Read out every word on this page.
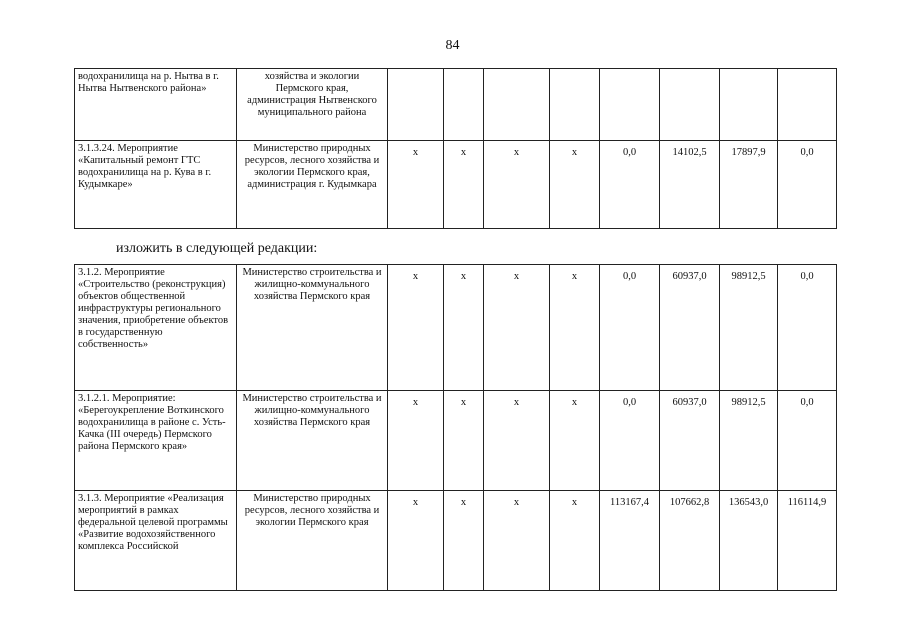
84
водохранилища на р. Нытва в г. Нытва Нытвенского района»	хозяйства и экологии Пермского края, администрация Нытвенского муниципального района								
3.1.3.24. Мероприятие «Капитальный ремонт ГТС водохранилища на р. Кува в г. Кудымкаре»	Министерство природных ресурсов, лесного хозяйства и экологии Пермского края, администрация г. Кудымкара	х	х	х	х	0,0	14102,5	17897,9	0,0
изложить в следующей редакции:
3.1.2. Мероприятие «Строительство (реконструкция) объектов общественной инфраструктуры регионального значения, приобретение объектов в государственную собственность»	Министерство строительства и жилищно-коммунального хозяйства Пермского края	х	х	х	х	0,0	60937,0	98912,5	0,0
3.1.2.1. Мероприятие: «Берегоукрепление Воткинского водохранилища в районе с. Усть-Качка (III очередь) Пермского района Пермского края»	Министерство строительства и жилищно-коммунального хозяйства Пермского края	х	х	х	х	0,0	60937,0	98912,5	0,0
3.1.3. Мероприятие «Реализация мероприятий в рамках федеральной целевой программы «Развитие водохозяйственного комплекса Российской	Министерство природных ресурсов, лесного хозяйства и экологии Пермского края	х	х	х	х	113167,4	107662,8	136543,0	116114,9
